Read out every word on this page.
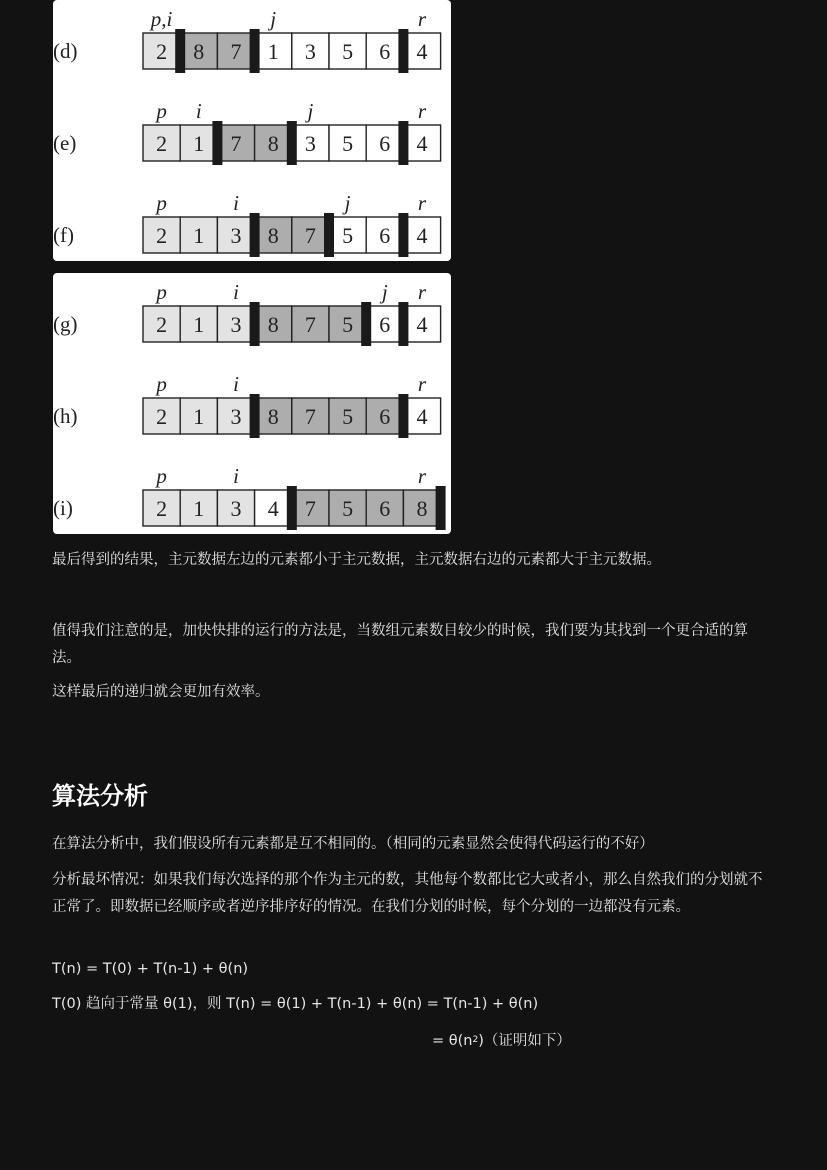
(d)
p,i	j	r
2 8 7 1 3 5 6 4
(e)
p i	j	r
2 1 7 8 3 5 6 4
(f)
p	i	j	r
2 1 3 8 7 5 6 4
(g)
p	i	j r
2 1 3 8 7 5 6 4
(h)
p	i	r
2 1 3 8 7 5 6 4
(i)
p	i	r
2 1 3 4 7 5 6 8

最后得到的结果，主元数据左边的元素都小于主元数据，主元数据右边的元素都大于主元数据。

值得我们注意的是，加快快排的运行的方法是，当数组元素数目较少的时候，我们要为其找到一个更合适的算法。

这样最后的递归就会更加有效率。

算法分析

在算法分析中，我们假设所有元素都是互不相同的。（相同的元素显然会使得代码运行的不好）

分析最坏情况：如果我们每次选择的那个作为主元的数，其他每个数都比它大或者小，那么自然我们的分划就不正常了。即数据已经顺序或者逆序排序好的情况。在我们分划的时候，每个分划的一边都没有元素。

T(n) = T(0) + T(n-1) + θ(n)
T(0) 趋向于常量 θ(1)，则 T(n) = θ(1) + T(n-1) + θ(n) = T(n-1) + θ(n)
= $\theta(n^2)$（证明如下）
